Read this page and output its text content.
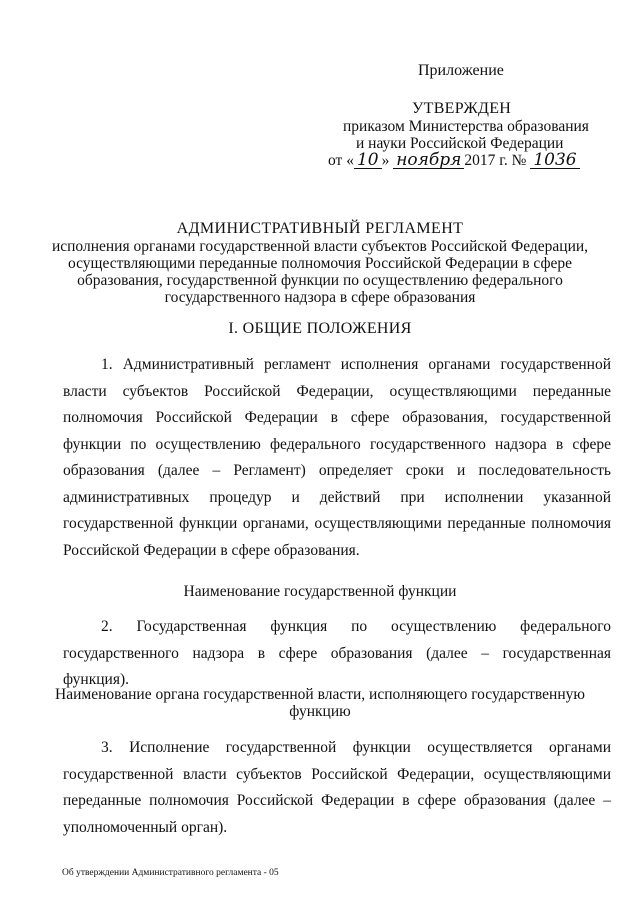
Приложение
УТВЕРЖДЕН
приказом Министерства образования
и науки Российской Федерации
от « 10 » ноября 2017 г. № 1036
АДМИНИСТРАТИВНЫЙ РЕГЛАМЕНТ
исполнения органами государственной власти субъектов Российской Федерации,
осуществляющими переданные полномочия Российской Федерации в сфере
образования, государственной функции по осуществлению федерального
государственного надзора в сфере образования
I. ОБЩИЕ ПОЛОЖЕНИЯ
1. Административный регламент исполнения органами государственной власти субъектов Российской Федерации, осуществляющими переданные полномочия Российской Федерации в сфере образования, государственной функции по осуществлению федерального государственного надзора в сфере образования (далее – Регламент) определяет сроки и последовательность административных процедур и действий при исполнении указанной государственной функции органами, осуществляющими переданные полномочия Российской Федерации в сфере образования.
Наименование государственной функции
2. Государственная функция по осуществлению федерального государственного надзора в сфере образования (далее – государственная функция).
Наименование органа государственной власти, исполняющего государственную
функцию
3. Исполнение государственной функции осуществляется органами государственной власти субъектов Российской Федерации, осуществляющими переданные полномочия Российской Федерации в сфере образования (далее – уполномоченный орган).
Об утверждении Административного регламента - 05
